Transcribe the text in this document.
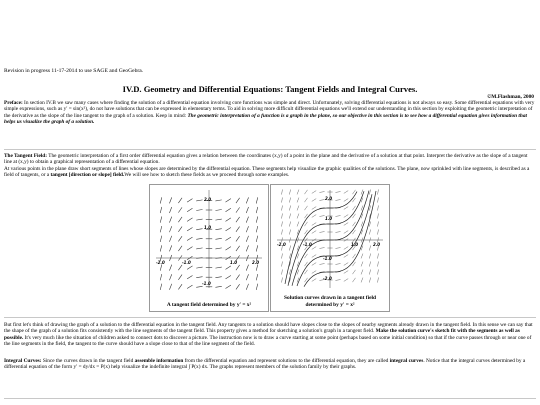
Revision in progress 11-17-2014 to use SAGE and GeoGebra.
IV.D. Geometry and Differential Equations: Tangent Fields and Integral Curves.
©M.Flashman, 2000
Preface: In section IV.B we saw many cases where finding the solution of a differential equation involving core functions was simple and direct. Unfortunately, solving differential equations is not always so easy. Some differential equations with very simple expressions, such as y′ = sin(x²), do not have solutions that can be expressed in elementary terms. To aid in solving more difficult differential equations we'll extend our understanding in this section by exploiting the geometric interpretation of the derivative as the slope of the line tangent to the graph of a solution. Keep in mind: The geometric interpretation of a function is a graph in the plane, so our objective in this section is to see how a differential equation gives information that helps us visualize the graph of a solution.
The Tangent Field: The geometric interpretation of a first order differential equation gives a relation between the coordinates (x,y) of a point in the plane and the derivative of a solution at that point. Interpret the derivative as the slope of a tangent line at (x,y) to obtain a graphical representation of a differential equation.
At various points in the plane draw short segments of lines whose slopes are determined by the differential equation. These segments help visualize the graphic qualities of the solutions. The plane, now sprinkled with line segments, is described as a field of tangents, or a tangent [direction or slope] field.We will see how to sketch these fields as we proceed through some examples.
2.0
1.0
-1.0
-2.0	-1.0	1.0	2.0
A tangent field determined by y′ = x²
2.0
1.0
-1.0
-2.0
-2.0	-1.0	1.0	2.0
Solution curves drawn in a tangent field determined by y′ = x²
But first let's think of drawing the graph of a solution to the differential equation in the tangent field. Any tangents to a solution should have slopes close to the slopes of nearby segments already drawn in the tangent field. In this sense we can say that the shape of the graph of a solution fits consistently with the line segments of the tangent field. This property gives a method for sketching a solution's graph in a tangent field. Make the solution curve's sketch fit with the segments as well as possible. It's very much like the situation of children asked to connect dots to discover a picture. The instruction now is to draw a curve starting at some point (perhaps based on some initial condition) so that if the curve passes through or near one of the line segments in the field, the tangent to the curve should have a slope close to that of the line segment of the field.
Integral Curves: Since the curves drawn in the tangent field assemble information from the differential equation and represent solutions to the differential equation, they are called integral curves. Notice that the integral curves determined by a differential equation of the form y′ = dy/dx = P(x) help visualize the indefinite integral ∫ P(x) dx. The graphs represent members of the solution family by their graphs.
